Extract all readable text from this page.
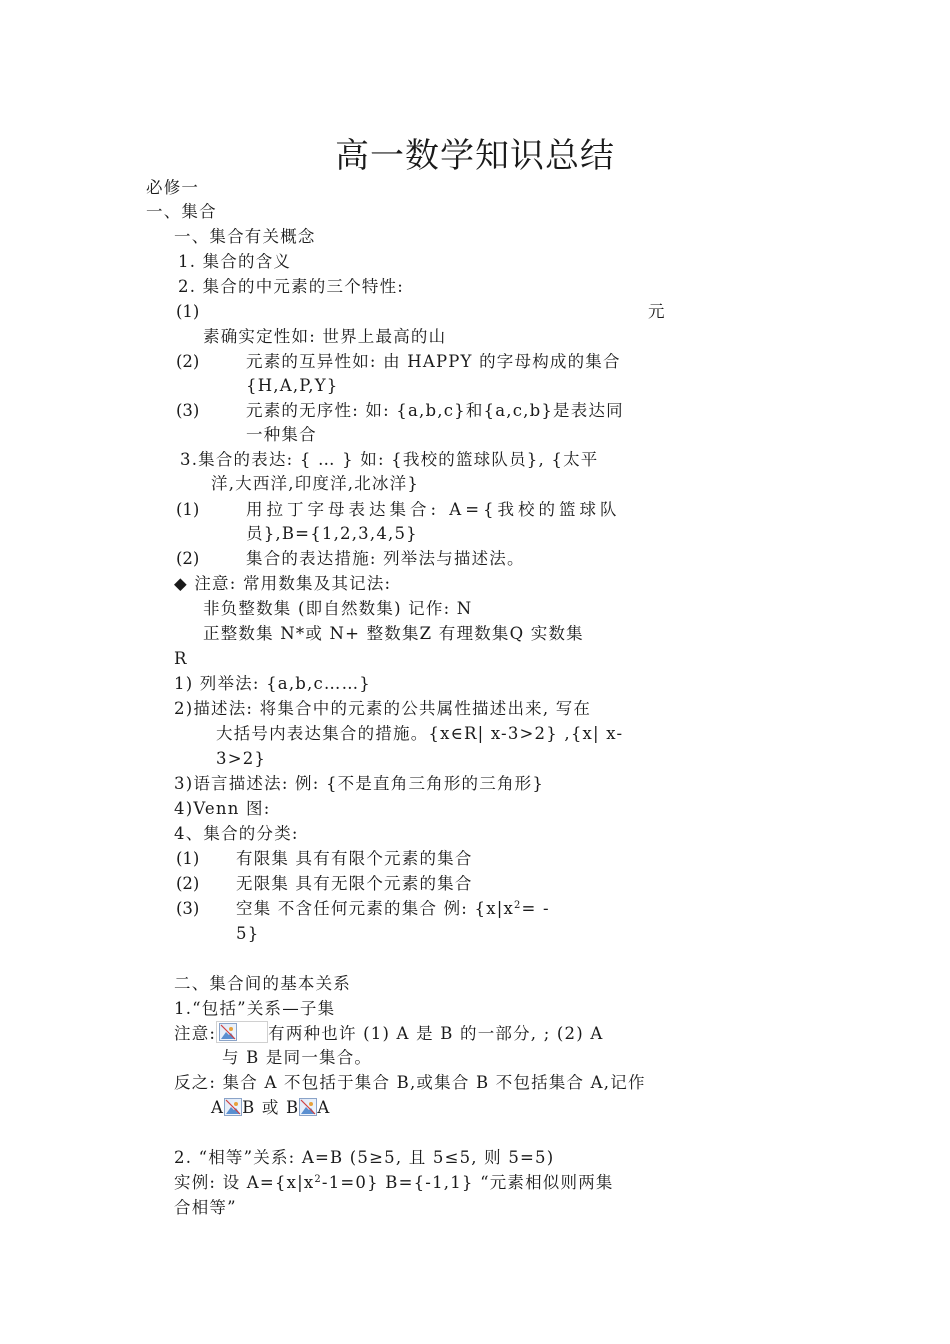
高一数学知识总结
必修一
一、集合
一、集合有关概念
1. 集合的含义
2. 集合的中元素的三个特性:
(1)	元
素确实定性如: 世界上最高的山
(2)	元素的互异性如: 由 HAPPY 的字母构成的集合
{H,A,P,Y}
(3)	元素的无序性: 如: {a,b,c}和{a,c,b}是表达同
一种集合
3.集合的表达: { … } 如: {我校的篮球队员}, {太平
洋,大西洋,印度洋,北冰洋}
(1)	用拉丁字母表达集合: A={我校的篮球队
员},B={1,2,3,4,5}
(2)	集合的表达措施: 列举法与描述法。
◆ 注意: 常用数集及其记法:
非负整数集 (即自然数集) 记作: N
正整数集 N*或 N+ 整数集Z 有理数集Q 实数集
R
1) 列举法: {a,b,c……}
2)描述法: 将集合中的元素的公共属性描述出来, 写在
大括号内表达集合的措施。{x∈R| x-3>2} ,{x| x-
3>2}
3)语言描述法: 例: {不是直角三角形的三角形}
4)Venn 图:
4、集合的分类:
(1) 有限集 具有有限个元素的集合
(2) 无限集 具有无限个元素的集合
(3) 空集 不含任何元素的集合 例: {$x|x^2=$ -
5}
二、集合间的基本关系
1.“包括”关系—子集
注意:	有两种也许 (1) A 是 B 的一部分, ; (2) A
与 B 是同一集合。
反之: 集合 A 不包括于集合 B,或集合 B 不包括集合 A,记作
A B 或 B A
2. “相等”关系: A=B (5≥5, 且 5≤5, 则 5=5)
实例: 设 $A=\{x|x^2-1=0\}$ B={-1,1} “元素相似则两集
合相等”
